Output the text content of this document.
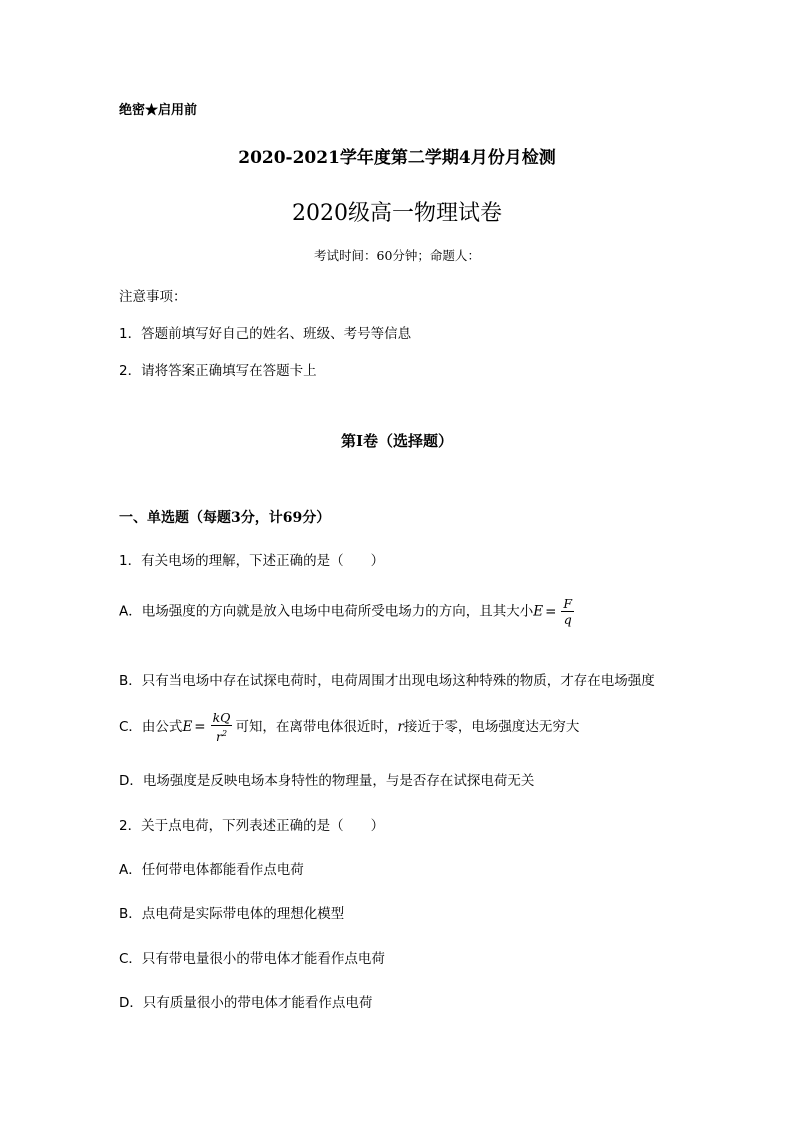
绝密★启用前
2020-2021学年度第二学期4月份月检测
2020级高一物理试卷
考试时间：60分钟；命题人：
注意事项：
1．答题前填写好自己的姓名、班级、考号等信息
2．请将答案正确填写在答题卡上
第I卷（选择题）
一、单选题（每题3分，计69分）
1．有关电场的理解，下述正确的是（　　）
A．电场强度的方向就是放入电场中电荷所受电场力的方向，且其大小$E = \frac{F}{q}$
B．只有当电场中存在试探电荷时，电荷周围才出现电场这种特殊的物质，才存在电场强度
C．由公式$E = \frac{kQ}{r^2}$ 可知，在离带电体很近时，r接近于零，电场强度达无穷大
D．电场强度是反映电场本身特性的物理量，与是否存在试探电荷无关
2．关于点电荷，下列表述正确的是（　　）
A．任何带电体都能看作点电荷
B．点电荷是实际带电体的理想化模型
C．只有带电量很小的带电体才能看作点电荷
D．只有质量很小的带电体才能看作点电荷
